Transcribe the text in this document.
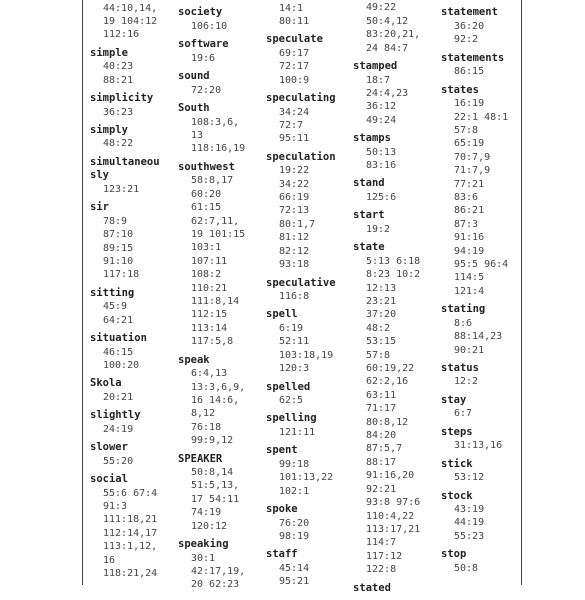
44:10,14,
19 104:12
112:16
simple
40:23
88:21
simplicity
36:23
simply
48:22
simultaneou
sly
123:21
sir
78:9
87:10
89:15
91:10
117:18
sitting
45:9
64:21
situation
46:15
100:20
Skola
20:21
slightly
24:19
slower
55:20
social
55:6 67:4
91:3
111:18,21
112:14,17
113:1,12,
16
118:21,24
society
106:10
software
19:6
sound
72:20
South
108:3,6,
13
118:16,19
southwest
58:8,17
60:20
61:15
62:7,11,
19 101:15
103:1
107:11
108:2
110:21
111:8,14
112:15
113:14
117:5,8
speak
6:4,13
13:3,6,9,
16 14:6,
8,12
76:18
99:9,12
SPEAKER
50:8,14
51:5,13,
17 54:11
74:19
120:12
speaking
30:1
42:17,19,
20 62:23
14:1
80:11
speculate
69:17
72:17
100:9
speculating
34:24
72:7
95:11
speculation
19:22
34:22
66:19
72:13
80:1,7
81:12
82:12
93:18
speculative
116:8
spell
6:19
52:11
103:18,19
120:3
spelled
62:5
spelling
121:11
spent
99:18
101:13,22
102:1
spoke
76:20
98:19
staff
45:14
95:21

49:22
50:4,12
83:20,21,
24 84:7
stamped
18:7
24:4,23
36:12
49:24
stamps
50:13
83:16
stand
125:6
start
19:2
state
5:13 6:18
8:23 10:2
12:13
23:21
37:20
48:2
53:15
57:8
60:19,22
62:2,16
63:11
71:17
80:8,12
84:20
87:5,7
88:17
91:16,20
92:21
93:8 97:6
110:4,22
113:17,21
114:7
117:12
122:8
stated
statement
36:20
92:2
statements
86:15
states
16:19
22:1 48:1
57:8
65:19
70:7,9
71:7,9
77:21
83:6
86:21
87:3
91:16
94:19
95:5 96:4
114:5
121:4
stating
8:6
88:14,23
90:21
status
12:2
stay
6:7
steps
31:13,16
stick
53:12
stock
43:19
44:19
55:23
stop
50:8
